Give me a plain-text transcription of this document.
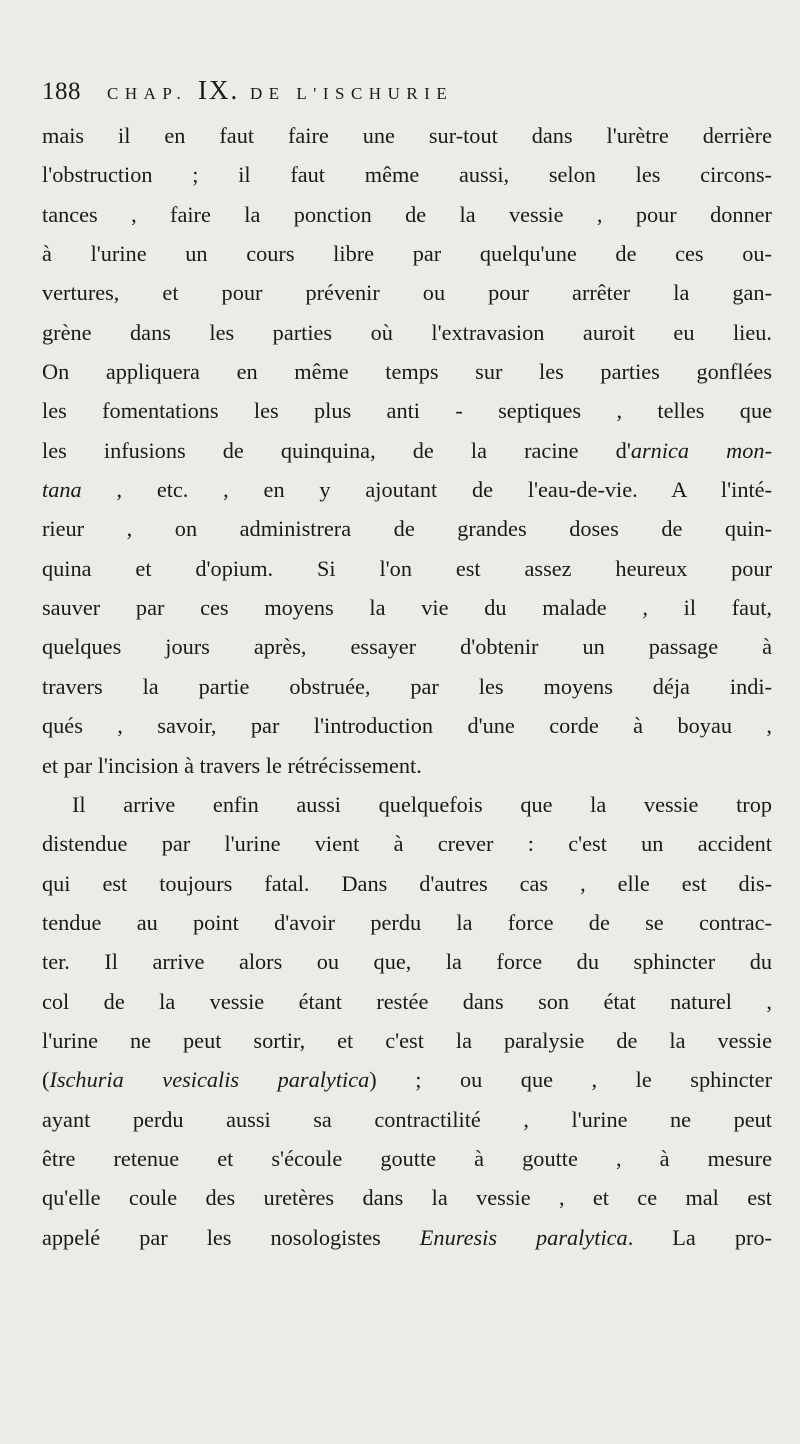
188 CHAP. IX. DE L'ISCHURIE
mais il en faut faire une sur-tout dans l'urètre derrière
l'obstruction ; il faut même aussi, selon les circons-
tances , faire la ponction de la vessie , pour donner
à l'urine un cours libre par quelqu'une de ces ou-
vertures, et pour prévenir ou pour arrêter la gan-
grène dans les parties où l'extravasion auroit eu lieu.
On appliquera en même temps sur les parties gonflées
les fomentations les plus anti - septiques , telles que
les infusions de quinquina, de la racine d'arnica mon-
tana , etc. , en y ajoutant de l'eau-de-vie. A l'inté-
rieur , on administrera de grandes doses de quin-
quina et d'opium. Si l'on est assez heureux pour
sauver par ces moyens la vie du malade , il faut,
quelques jours après, essayer d'obtenir un passage à
travers la partie obstruée, par les moyens déja indi-
qués , savoir, par l'introduction d'une corde à boyau ,
et par l'incision à travers le rétrécissement.
Il arrive enfin aussi quelquefois que la vessie trop
distendue par l'urine vient à crever : c'est un accident
qui est toujours fatal. Dans d'autres cas , elle est dis-
tendue au point d'avoir perdu la force de se contrac-
ter. Il arrive alors ou que, la force du sphincter du
col de la vessie étant restée dans son état naturel ,
l'urine ne peut sortir, et c'est la paralysie de la vessie
(Ischuria vesicalis paralytica) ; ou que , le sphincter
ayant perdu aussi sa contractilité , l'urine ne peut
être retenue et s'écoule goutte à goutte , à mesure
qu'elle coule des uretères dans la vessie , et ce mal est
appelé par les nosologistes Enuresis paralytica. La pro-
